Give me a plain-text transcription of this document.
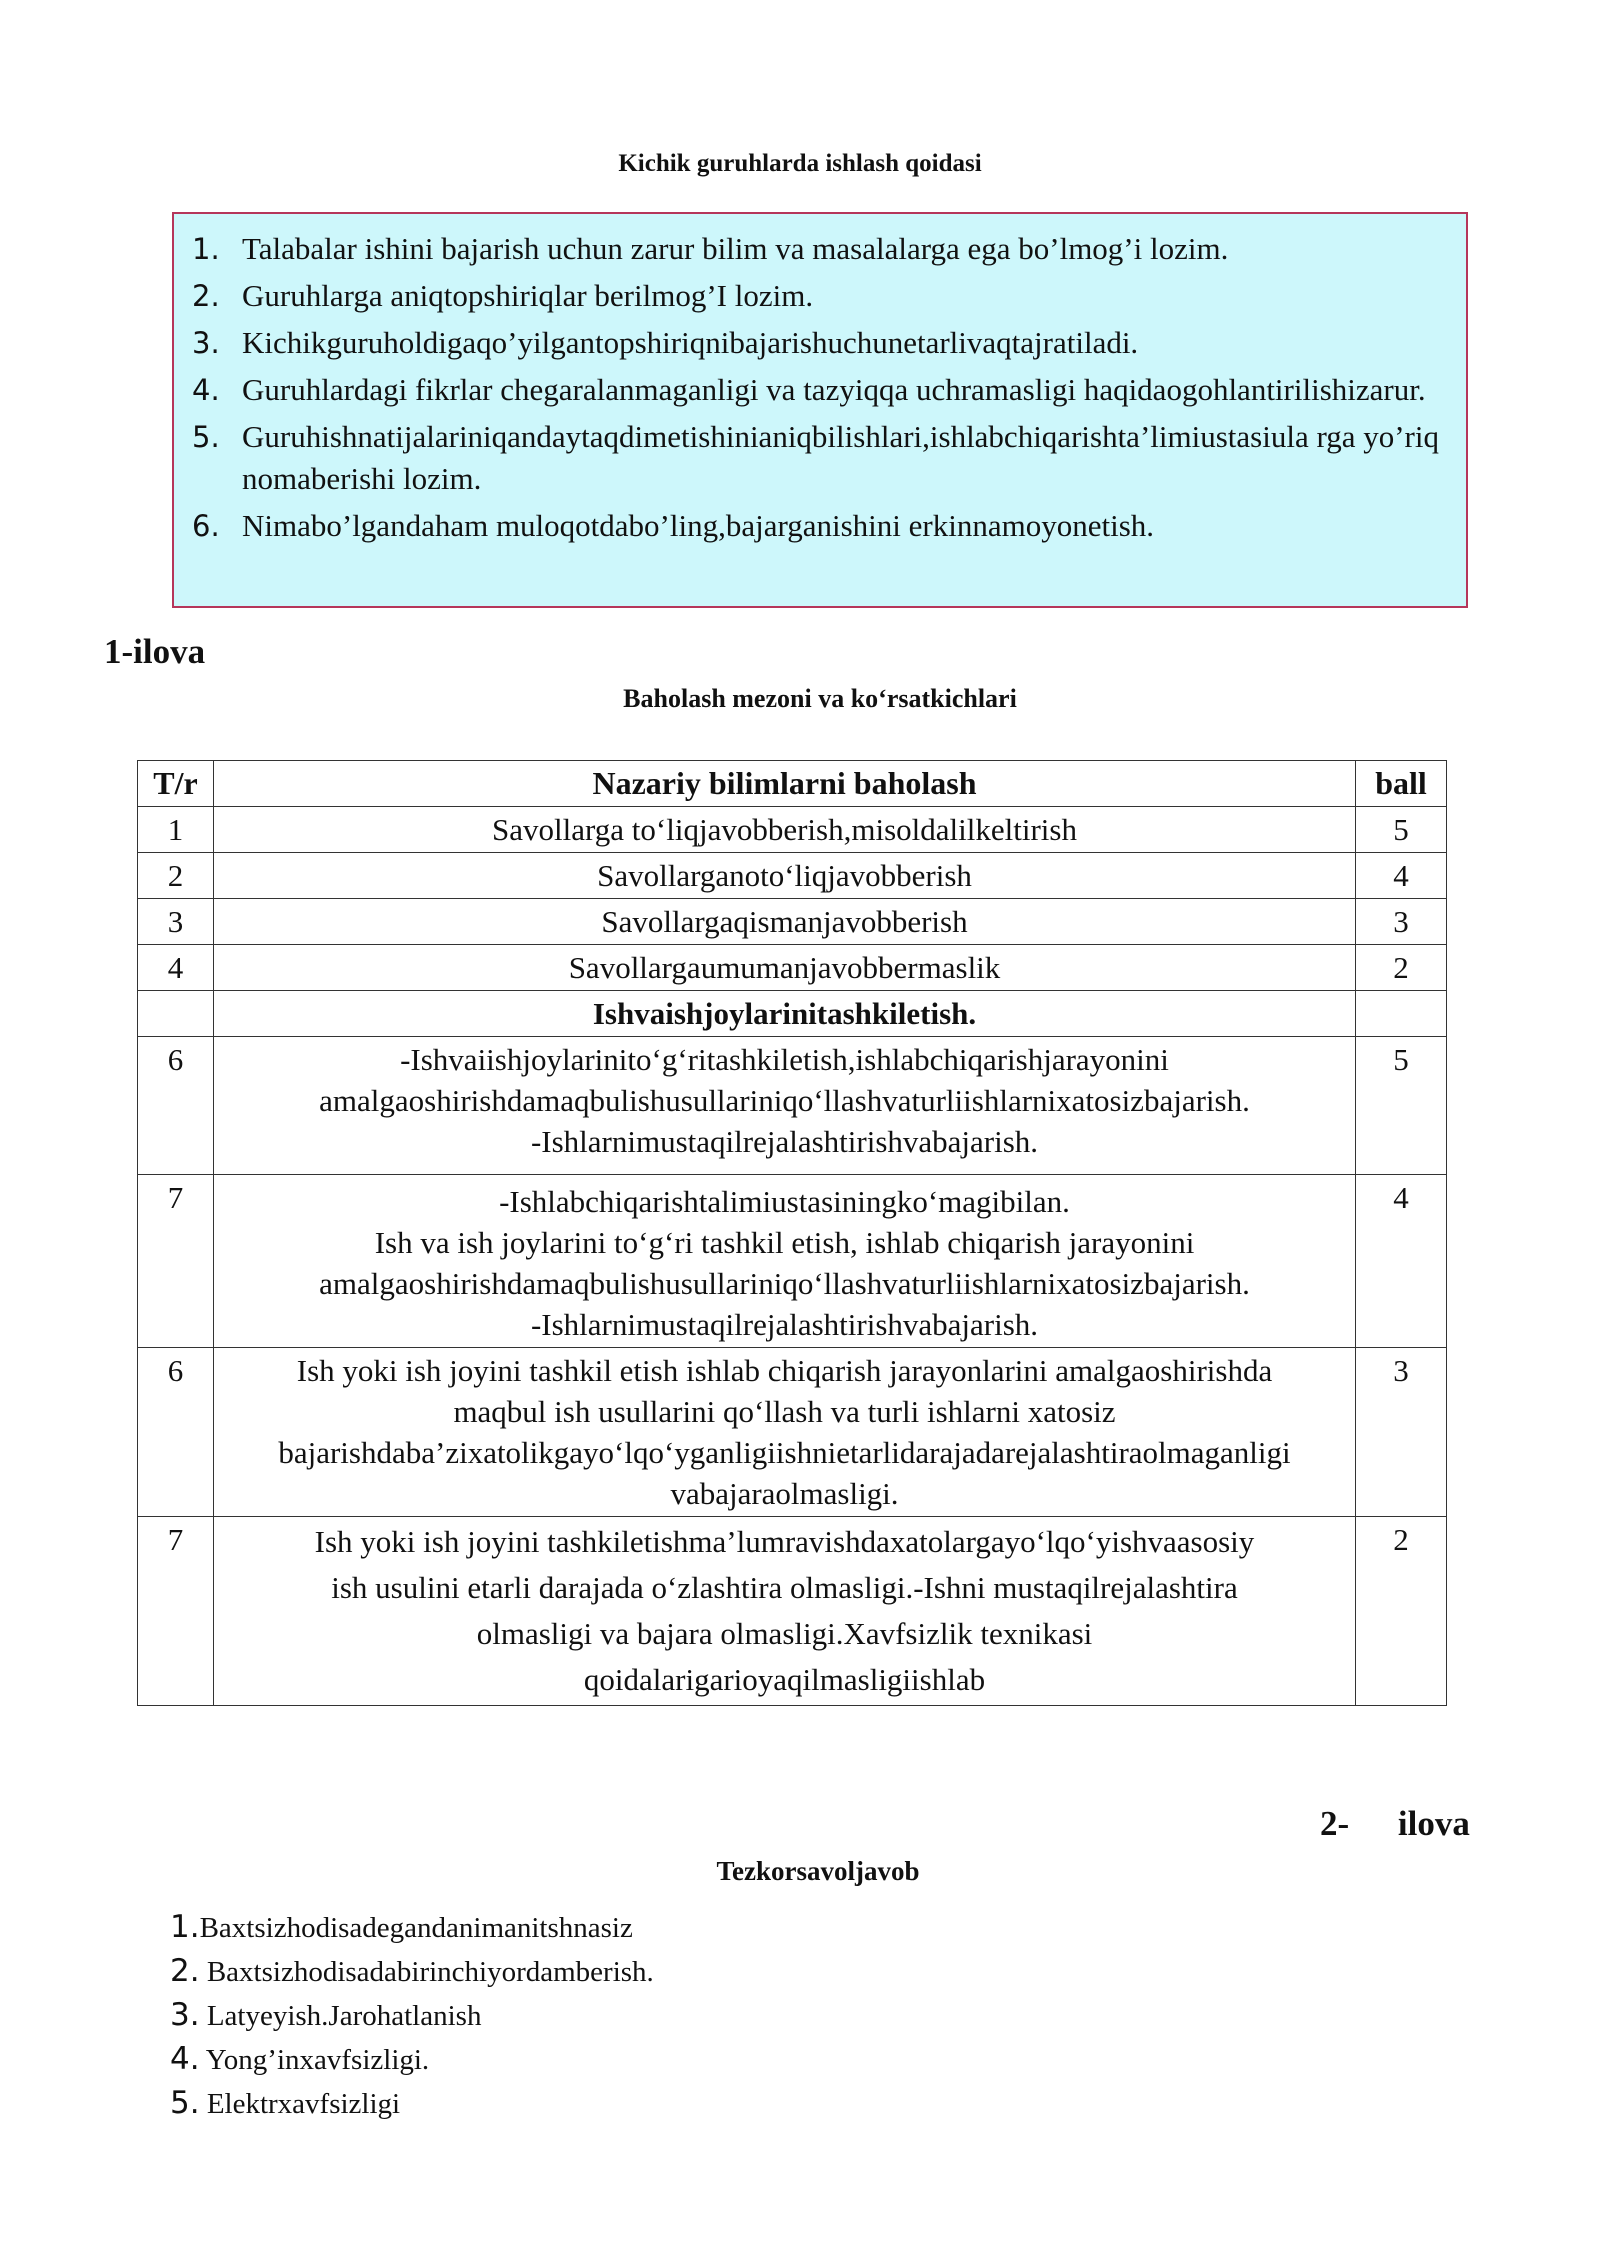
Kichik guruhlarda ishlash qoidasi
1. Talabalar ishini bajarish uchun zarur bilim va masalalarga ega bo’lmog’i lozim.
2. Guruhlarga aniqtopshiriqlar berilmog’I lozim.
3. Kichikguruholdigaqo’yilgantopshiriqnibajarishuchunetarlivaqtajratiladi.
4. Guruhlardagi fikrlar chegaralanmaganligi va tazyiqqa uchramasligi haqidaogohlantirilishizarur.
5. Guruhishnatijalariniqandaytaqdimetishinianiqbilishlari,ishlabchiqarishta’limiustasiulа rga yo’riqnomaberishi lozim.
6. Nimabo’lgandaham muloqotdabo’ling,bajarganishini erkinnamoyonetish.
1-ilova
Baholash mezoni va ko‘rsatkichlari
T/r	Nazariy bilimlarni baholash	ball
1	Savollarga to‘liqjavobberish,misoldalilkeltirish	5
2	Savollarganoto‘liqjavobberish	4
3	Savollargaqismanjavobberish	3
4	Savollargaumumanjavobbermaslik	2

	Ishvaishjoylarinitashkiletish.	

6	-Ishvaiishjoylarinito‘g‘ritashkiletish,ishlabchiqarishjarayonini
amalgaoshirishdamaqbulishusullariniqo‘llashvaturliishlarnixatosizbajarish.
-Ishlarnimustaqilrejalashtirishvabajarish.	5
7	-Ishlabchiqarishtalimiustasiningko‘magibilan.
Ish va ish joylarini to‘g‘ri tashkil etish, ishlab chiqarish jarayonini
amalgaoshirishdamaqbulishusullariniqo‘llashvaturliishlarnixatosizbajarish.
-Ishlarnimustaqilrejalashtirishvabajarish.	4
6	Ish yoki ish joyini tashkil etish ishlab chiqarish jarayonlarini amalgaoshirishda
maqbul ish usullarini qo‘llash va turli ishlarni xatosiz
bajarishdaba’zixatolikgayo‘lqo‘yganligiishnietarlidarajadarejalashtiraolmaganligi
vabajaraolmasligi.	3
7	Ish yoki ish joyini tashkiletishma’lumravishdaxatolargayo‘lqo‘yishvaasosiy
ish usulini etarli darajada o‘zlashtira olmasligi.-Ishni mustaqilrejalashtira
olmasligi va bajara olmasligi.Xavfsizlik texnikasi
qoidalarigarioyaqilmasligiishlab	2
2- ilova
Tezkorsavoljavob
1.Baxtsizhodisadegandanimanitshnasiz
2. Baxtsizhodisadabirinchiyordamberish.
3. Latyeyish.Jarohatlanish
4. Yong’inxavfsizligi.
5. Elektrxavfsizligi
